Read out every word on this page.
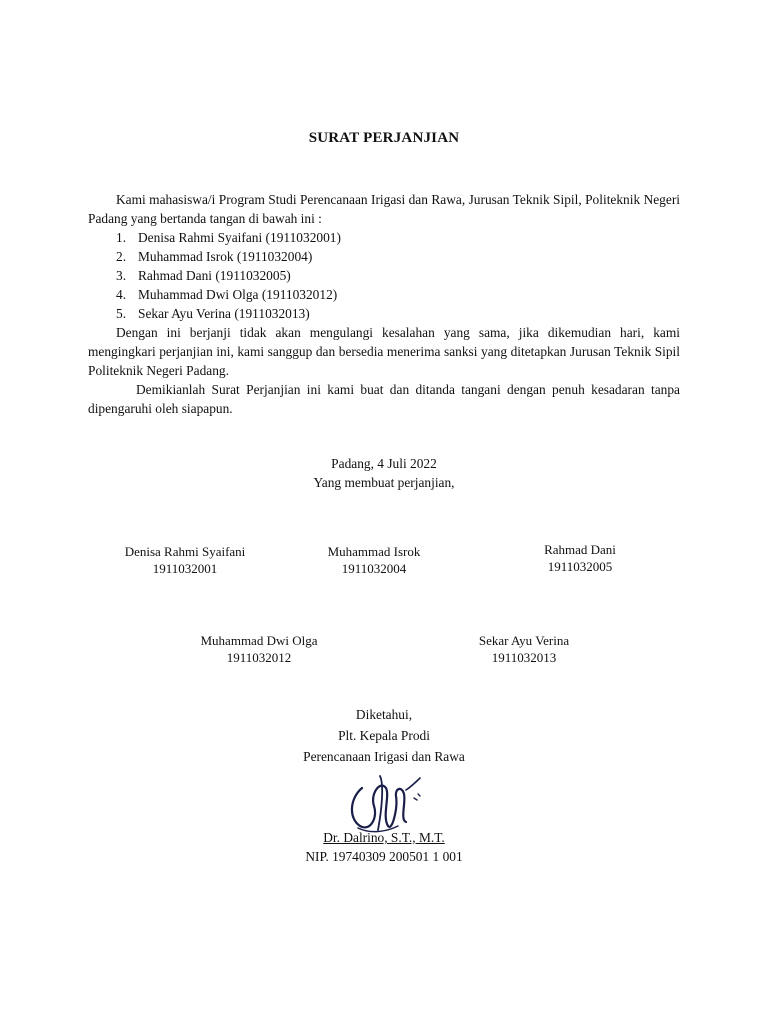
SURAT PERJANJIAN

Kami mahasiswa/i Program Studi Perencanaan Irigasi dan Rawa, Jurusan Teknik Sipil, Politeknik Negeri Padang yang bertanda tangan di bawah ini :

1. Denisa Rahmi Syaifani (1911032001)
2. Muhammad Isrok (1911032004)
3. Rahmad Dani (1911032005)
4. Muhammad Dwi Olga (1911032012)
5. Sekar Ayu Verina (1911032013)

Dengan ini berjanji tidak akan mengulangi kesalahan yang sama, jika dikemudian hari, kami mengingkari perjanjian ini, kami sanggup dan bersedia menerima sanksi yang ditetapkan Jurusan Teknik Sipil Politeknik Negeri Padang.

Demikianlah Surat Perjanjian ini kami buat dan ditanda tangani dengan penuh kesadaran tanpa dipengaruhi oleh siapapun.

Padang, 4 Juli 2022
Yang membuat perjanjian,
Denisa Rahmi Syaifani
1911032001
Muhammad Isrok
1911032004
Rahmad Dani
1911032005
Muhammad Dwi Olga
1911032012
Sekar Ayu Verina
1911032013
Diketahui,
Plt. Kepala Prodi
Perencanaan Irigasi dan Rawa
Dr. Dalrino, S.T., M.T.
NIP. 19740309 200501 1 001
